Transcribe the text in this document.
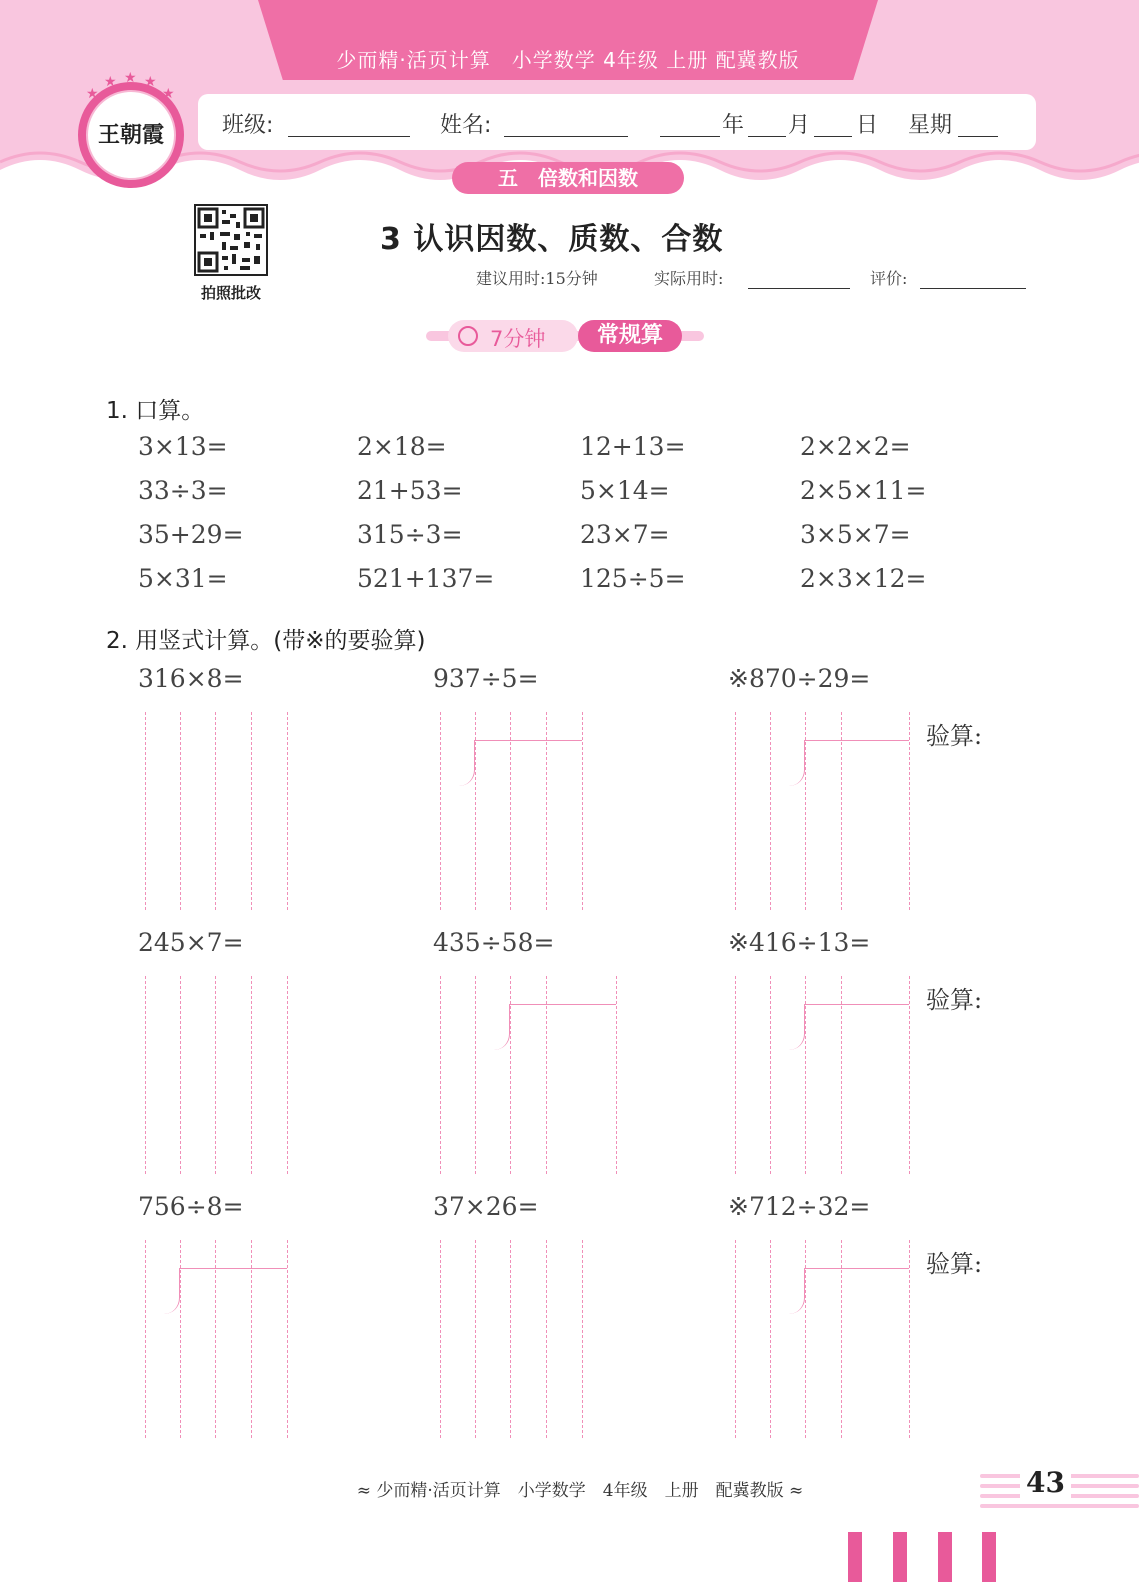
少而精·活页计算　小学数学 4年级 上册 配冀教版
班级:	姓名:	年 月 日 星期
五　倍数和因数
王朝霞
★
★ ★ ★
★
拍照批改
3 认识因数、质数、合数
建议用时:15分钟	实际用时:	评价:
7分钟	常规算
1. 口算。
3×13=	2×18=	12+13=	2×2×2=
33÷3=	21+53=	5×14=	2×5×11=
35+29=	315÷3=	23×7=	3×5×7=
5×31=	521+137=	125÷5=	2×3×12=
2. 用竖式计算。(带※的要验算)
316×8=	937÷5=	※870÷29=
验算:
245×7=	435÷58=	※416÷13=
验算:
756÷8=	37×26=	※712÷32=
验算:
≈ 少而精·活页计算　小学数学　4年级　上册　配冀教版 ≈	43
